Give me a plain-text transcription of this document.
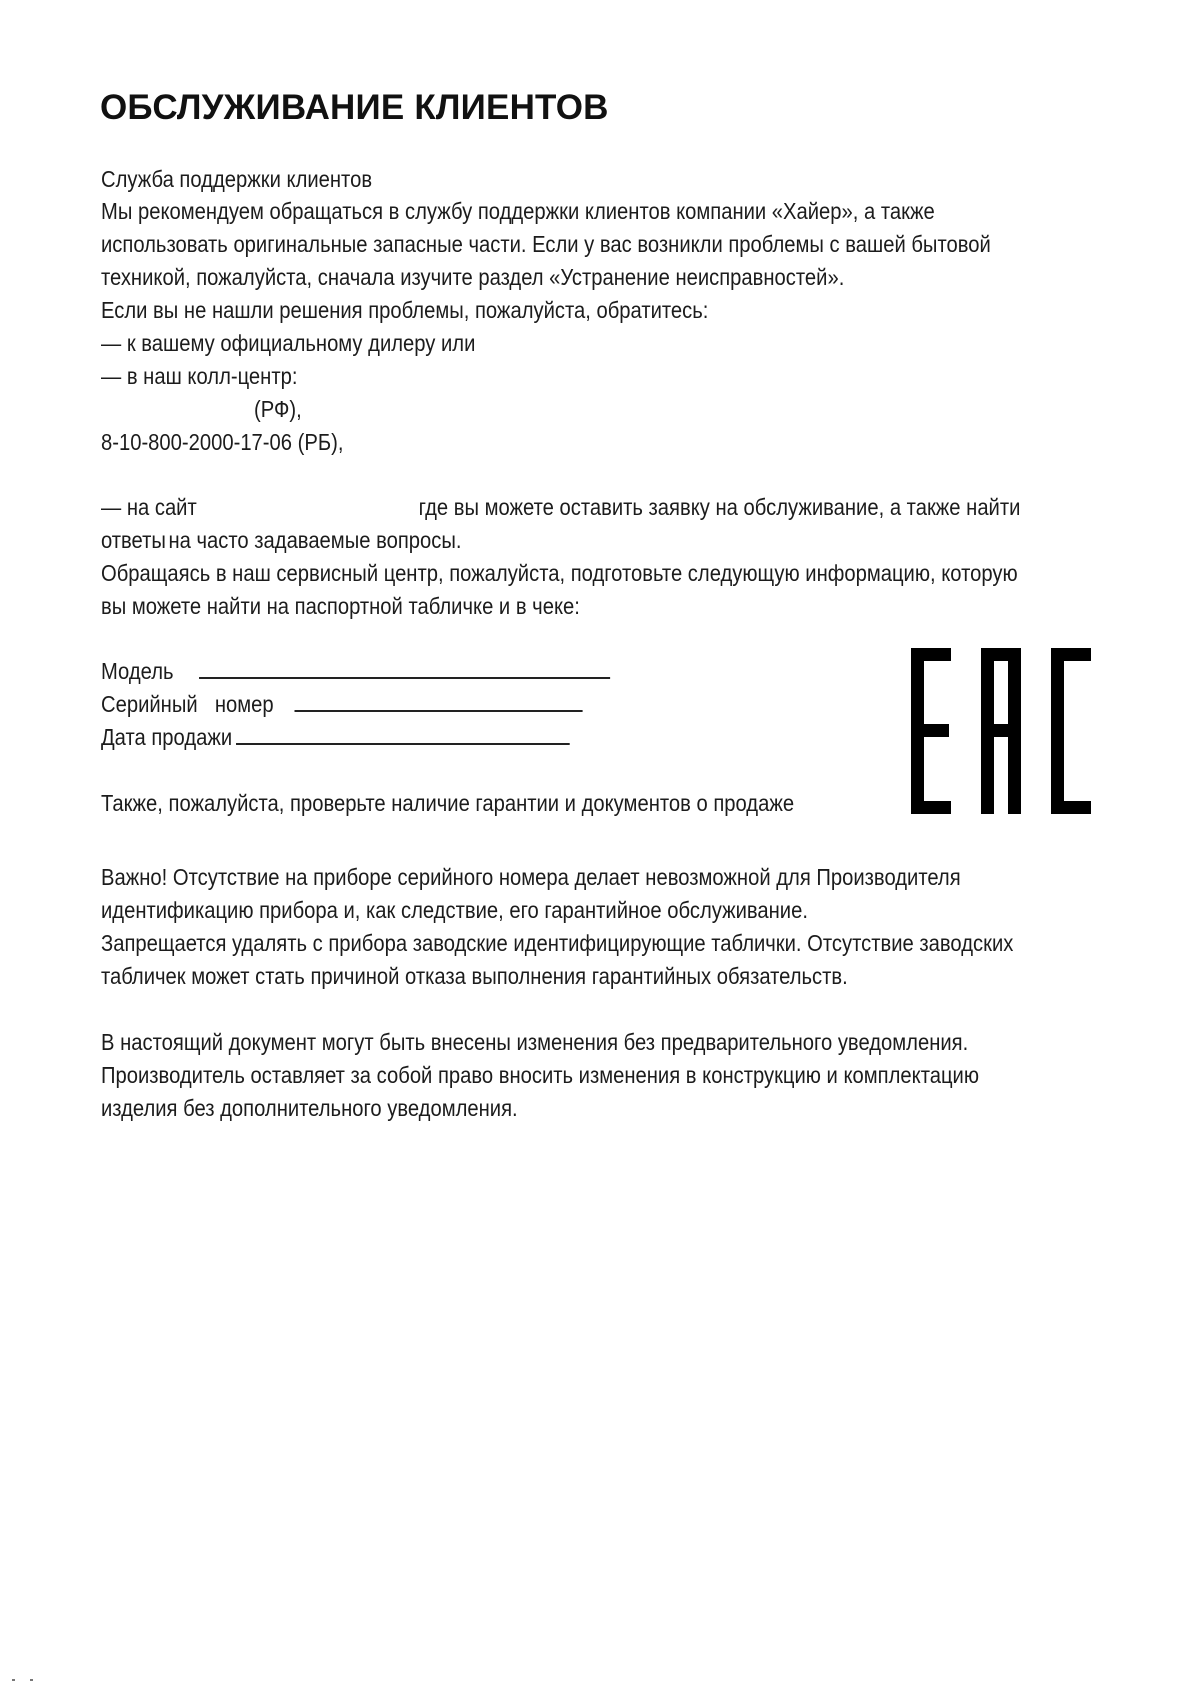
ОБСЛУЖИВАНИЕ КЛИЕНТОВ
Служба поддержки клиентов
Мы рекомендуем обращаться в службу поддержки клиентов компании «Хайер», а также
использовать оригинальные запасные части. Если у вас возникли проблемы с вашей бытовой
техникой, пожалуйста, сначала изучите раздел «Устранение неисправностей».
Если вы не нашли решения проблемы, пожалуйста, обратитесь:
— к вашему официальному дилеру или
— в наш колл-центр:
(РФ),
8-10-800-2000-17-06 (РБ),
— на сайт	где вы можете оставить заявку на обслуживание, а также найти
ответы на часто задаваемые вопросы.
Обращаясь в наш сервисный центр, пожалуйста, подготовьте следующую информацию, которую
вы можете найти на паспортной табличке и в чеке:
Модель
Серийный номер
Дата продажи
Также, пожалуйста, проверьте наличие гарантии и документов о продаже
Важно! Отсутствие на приборе серийного номера делает невозможной для Производителя
идентификацию прибора и, как следствие, его гарантийное обслуживание.
Запрещается удалять с прибора заводские идентифицирующие таблички. Отсутствие заводских
табличек может стать причиной отказа выполнения гарантийных обязательств.
В настоящий документ могут быть внесены изменения без предварительного уведомления.
Производитель оставляет за собой право вносить изменения в конструкцию и комплектацию
изделия без дополнительного уведомления.
